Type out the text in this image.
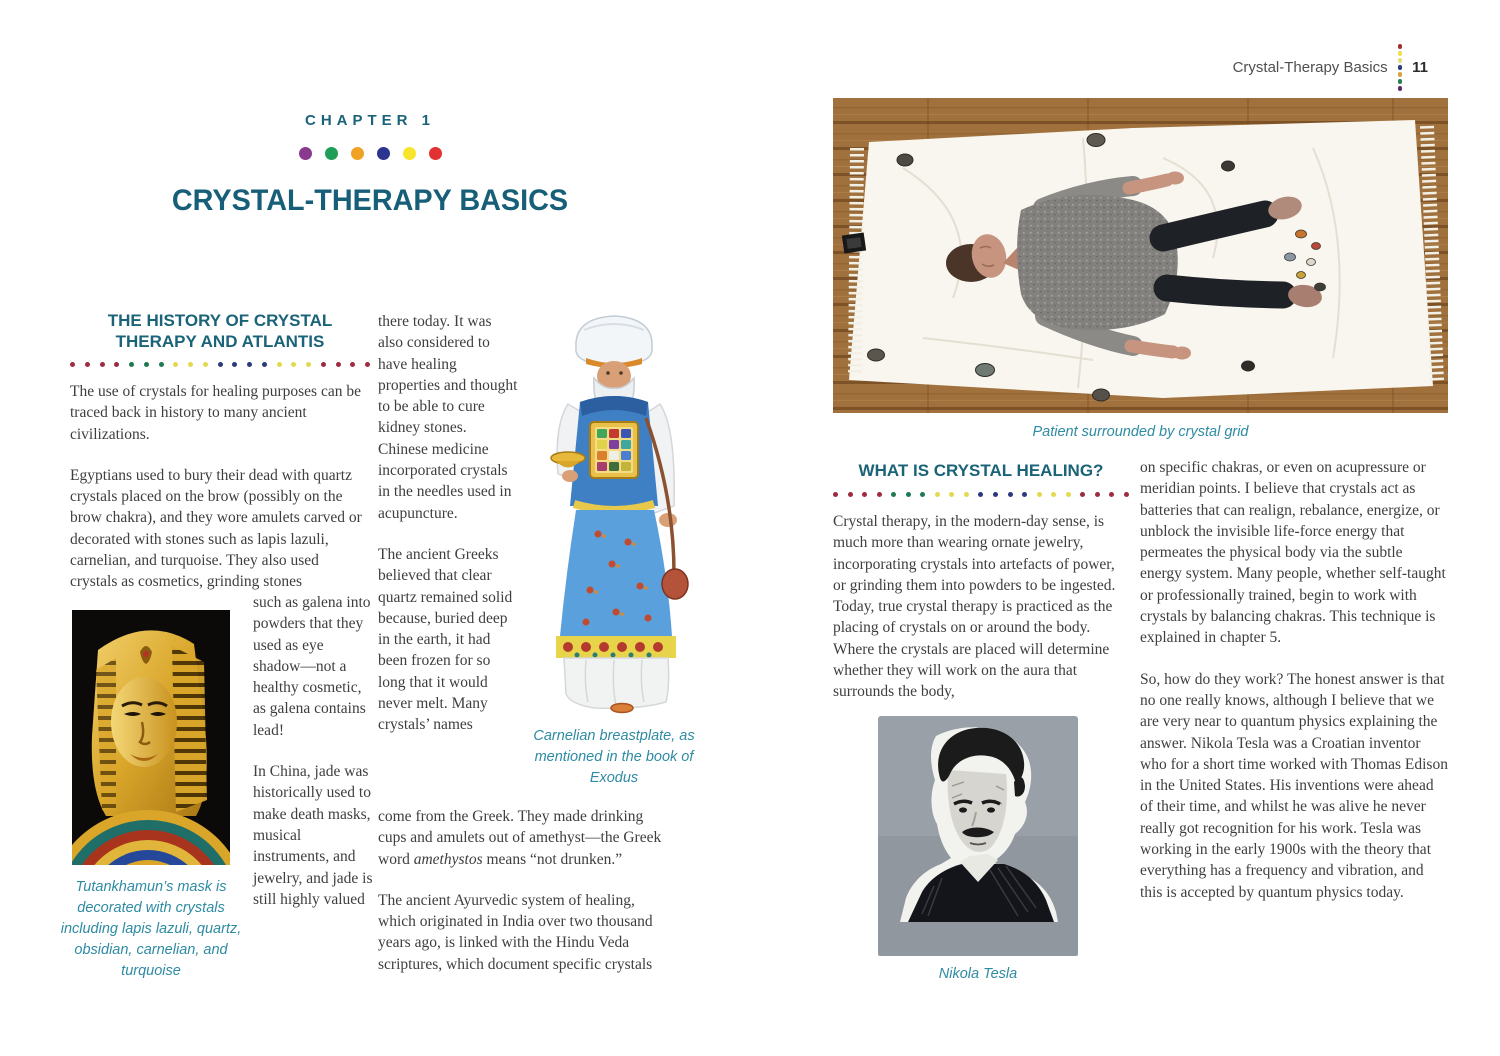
CHAPTER 1
CRYSTAL-THERAPY BASICS
THE HISTORY OF CRYSTAL THERAPY AND ATLANTIS

The use of crystals for healing purposes can be traced back in history to many ancient civilizations.

Egyptians used to bury their dead with quartz crystals placed on the brow (possibly on the brow chakra), and they wore amulets carved or decorated with stones such as lapis lazuli, carnelian, and turquoise. They also used crystals as cosmetics, grinding stones

Tutankhamun’s mask is decorated with crystals including lapis lazuli, quartz, obsidian, carnelian, and turquoise

such as galena into powders that they used as eye shadow—not a healthy cosmetic, as galena contains lead!

In China, jade was historically used to make death masks, musical instruments, and jewelry, and jade is still highly valued

there today. It was also considered to have healing properties and thought to be able to cure kidney stones. Chinese medicine incorporated crystals in the needles used in acupuncture.

The ancient Greeks believed that clear quartz remained solid because, buried deep in the earth, it had been frozen for so long that it would never melt. Many crystals’ names

come from the Greek. They made drinking cups and amulets out of amethyst—the Greek word amethystos means “not drunken.”

The ancient Ayurvedic system of healing, which originated in India over two thousand years ago, is linked with the Hindu Veda scriptures, which document specific crystals

Carnelian breastplate, as mentioned in the book of Exodus
Crystal-Therapy Basics 11
Patient surrounded by crystal grid
WHAT IS CRYSTAL HEALING?

Crystal therapy, in the modern-day sense, is much more than wearing ornate jewelry, incorporating crystals into artefacts of power, or grinding them into powders to be ingested. Today, true crystal therapy is practiced as the placing of crystals on or around the body. Where the crystals are placed will determine whether they will work on the aura that surrounds the body,

on specific chakras, or even on acupressure or meridian points. I believe that crystals act as batteries that can realign, rebalance, energize, or unblock the invisible life-force energy that permeates the physical body via the subtle energy system. Many people, whether self-taught or professionally trained, begin to work with crystals by balancing chakras. This technique is explained in chapter 5.

So, how do they work? The honest answer is that no one really knows, although I believe that we are very near to quantum physics explaining the answer. Nikola Tesla was a Croatian inventor who for a short time worked with Thomas Edison in the United States. His inventions were ahead of their time, and whilst he was alive he never really got recognition for his work. Tesla was working in the early 1900s with the theory that everything has a frequency and vibration, and this is accepted by quantum physics today.

Nikola Tesla
